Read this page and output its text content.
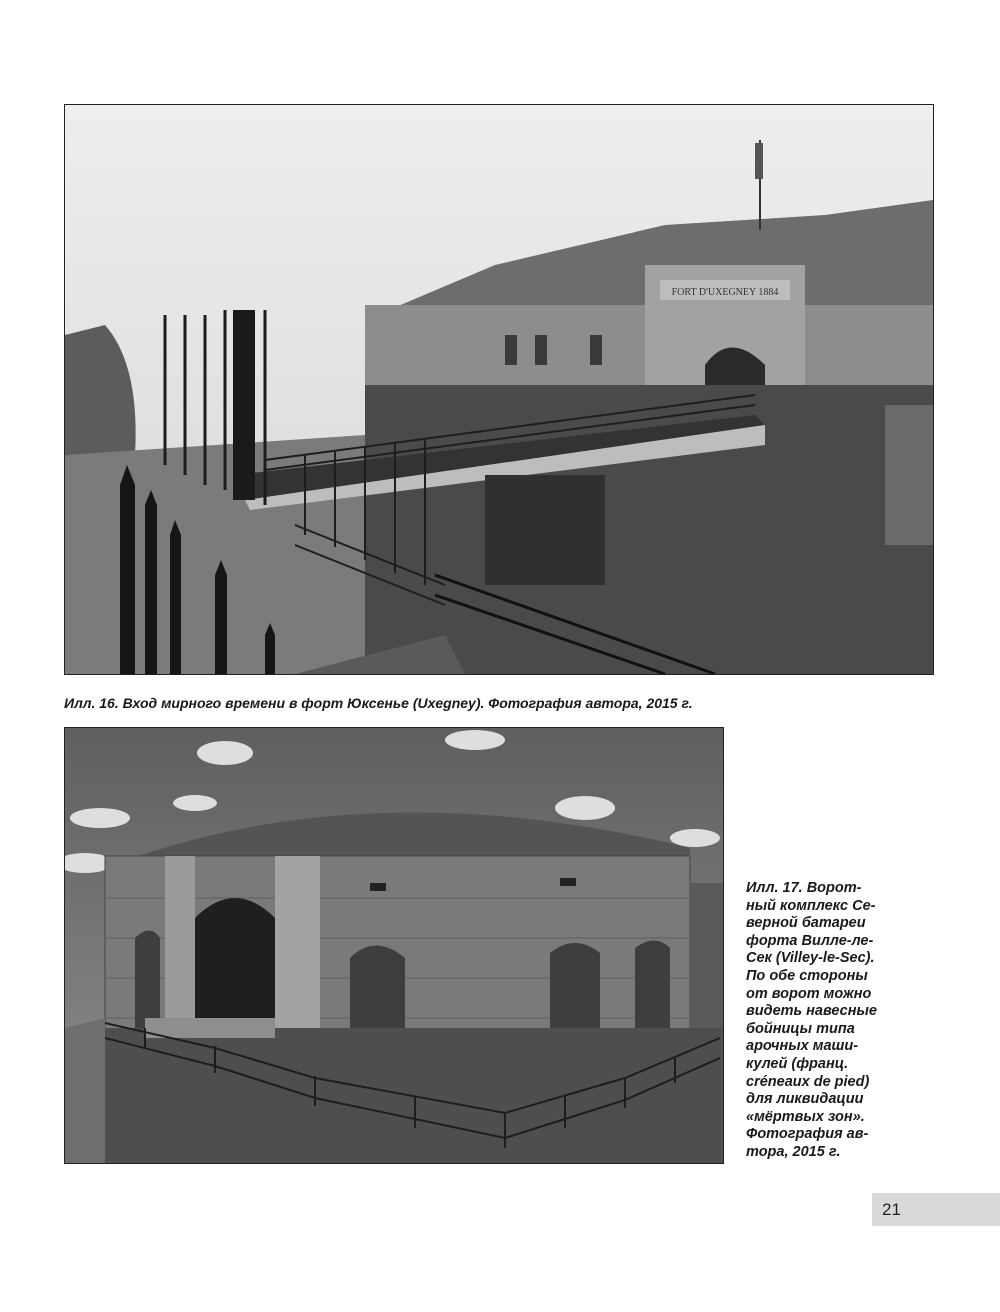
FORT D'UXEGNEY 1884
Илл. 16. Вход мирного времени в форт Юксенье (Uxegney). Фотография автора, 2015 г.
Илл. 17. Ворот-
ный комплекс Се-
верной батареи
форта Вилле-ле-
Сек (Villey-le-Sec).
По обе стороны
от ворот можно
видеть навесные
бойницы типа
арочных маши-
кулей (франц.
créneaux de pied)
для ликвидации
«мёртвых зон».
Фотография ав-
тора, 2015 г.
21
